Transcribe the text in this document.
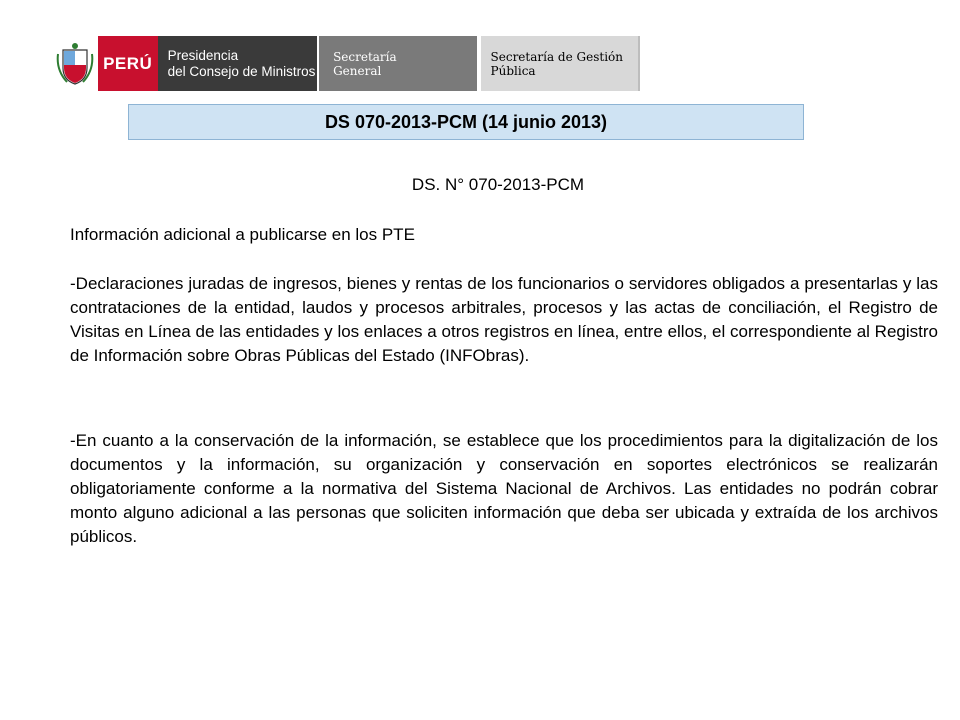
PERÚ	Presidencia
del Consejo de Ministros
Secretaría
General
Secretaría de Gestión
Pública
DS 070-2013-PCM (14 junio 2013)
DS. N° 070-2013-PCM
Información adicional a publicarse en los PTE
-Declaraciones juradas de ingresos, bienes y rentas de los funcionarios o servidores obligados a presentarlas y las contrataciones de la entidad, laudos y procesos arbitrales, procesos y las actas de conciliación, el Registro de Visitas en Línea de las entidades y los enlaces a otros registros en línea, entre ellos, el correspondiente al Registro de Información sobre Obras Públicas del Estado (INFObras).
-En cuanto a la conservación de la información, se establece que los procedimientos para la digitalización de los documentos y la información, su organización y conservación en soportes electrónicos se realizarán obligatoriamente conforme a la normativa del Sistema Nacional de Archivos. Las entidades no podrán cobrar monto alguno adicional a las personas que soliciten información que deba ser ubicada y extraída de los archivos públicos.
